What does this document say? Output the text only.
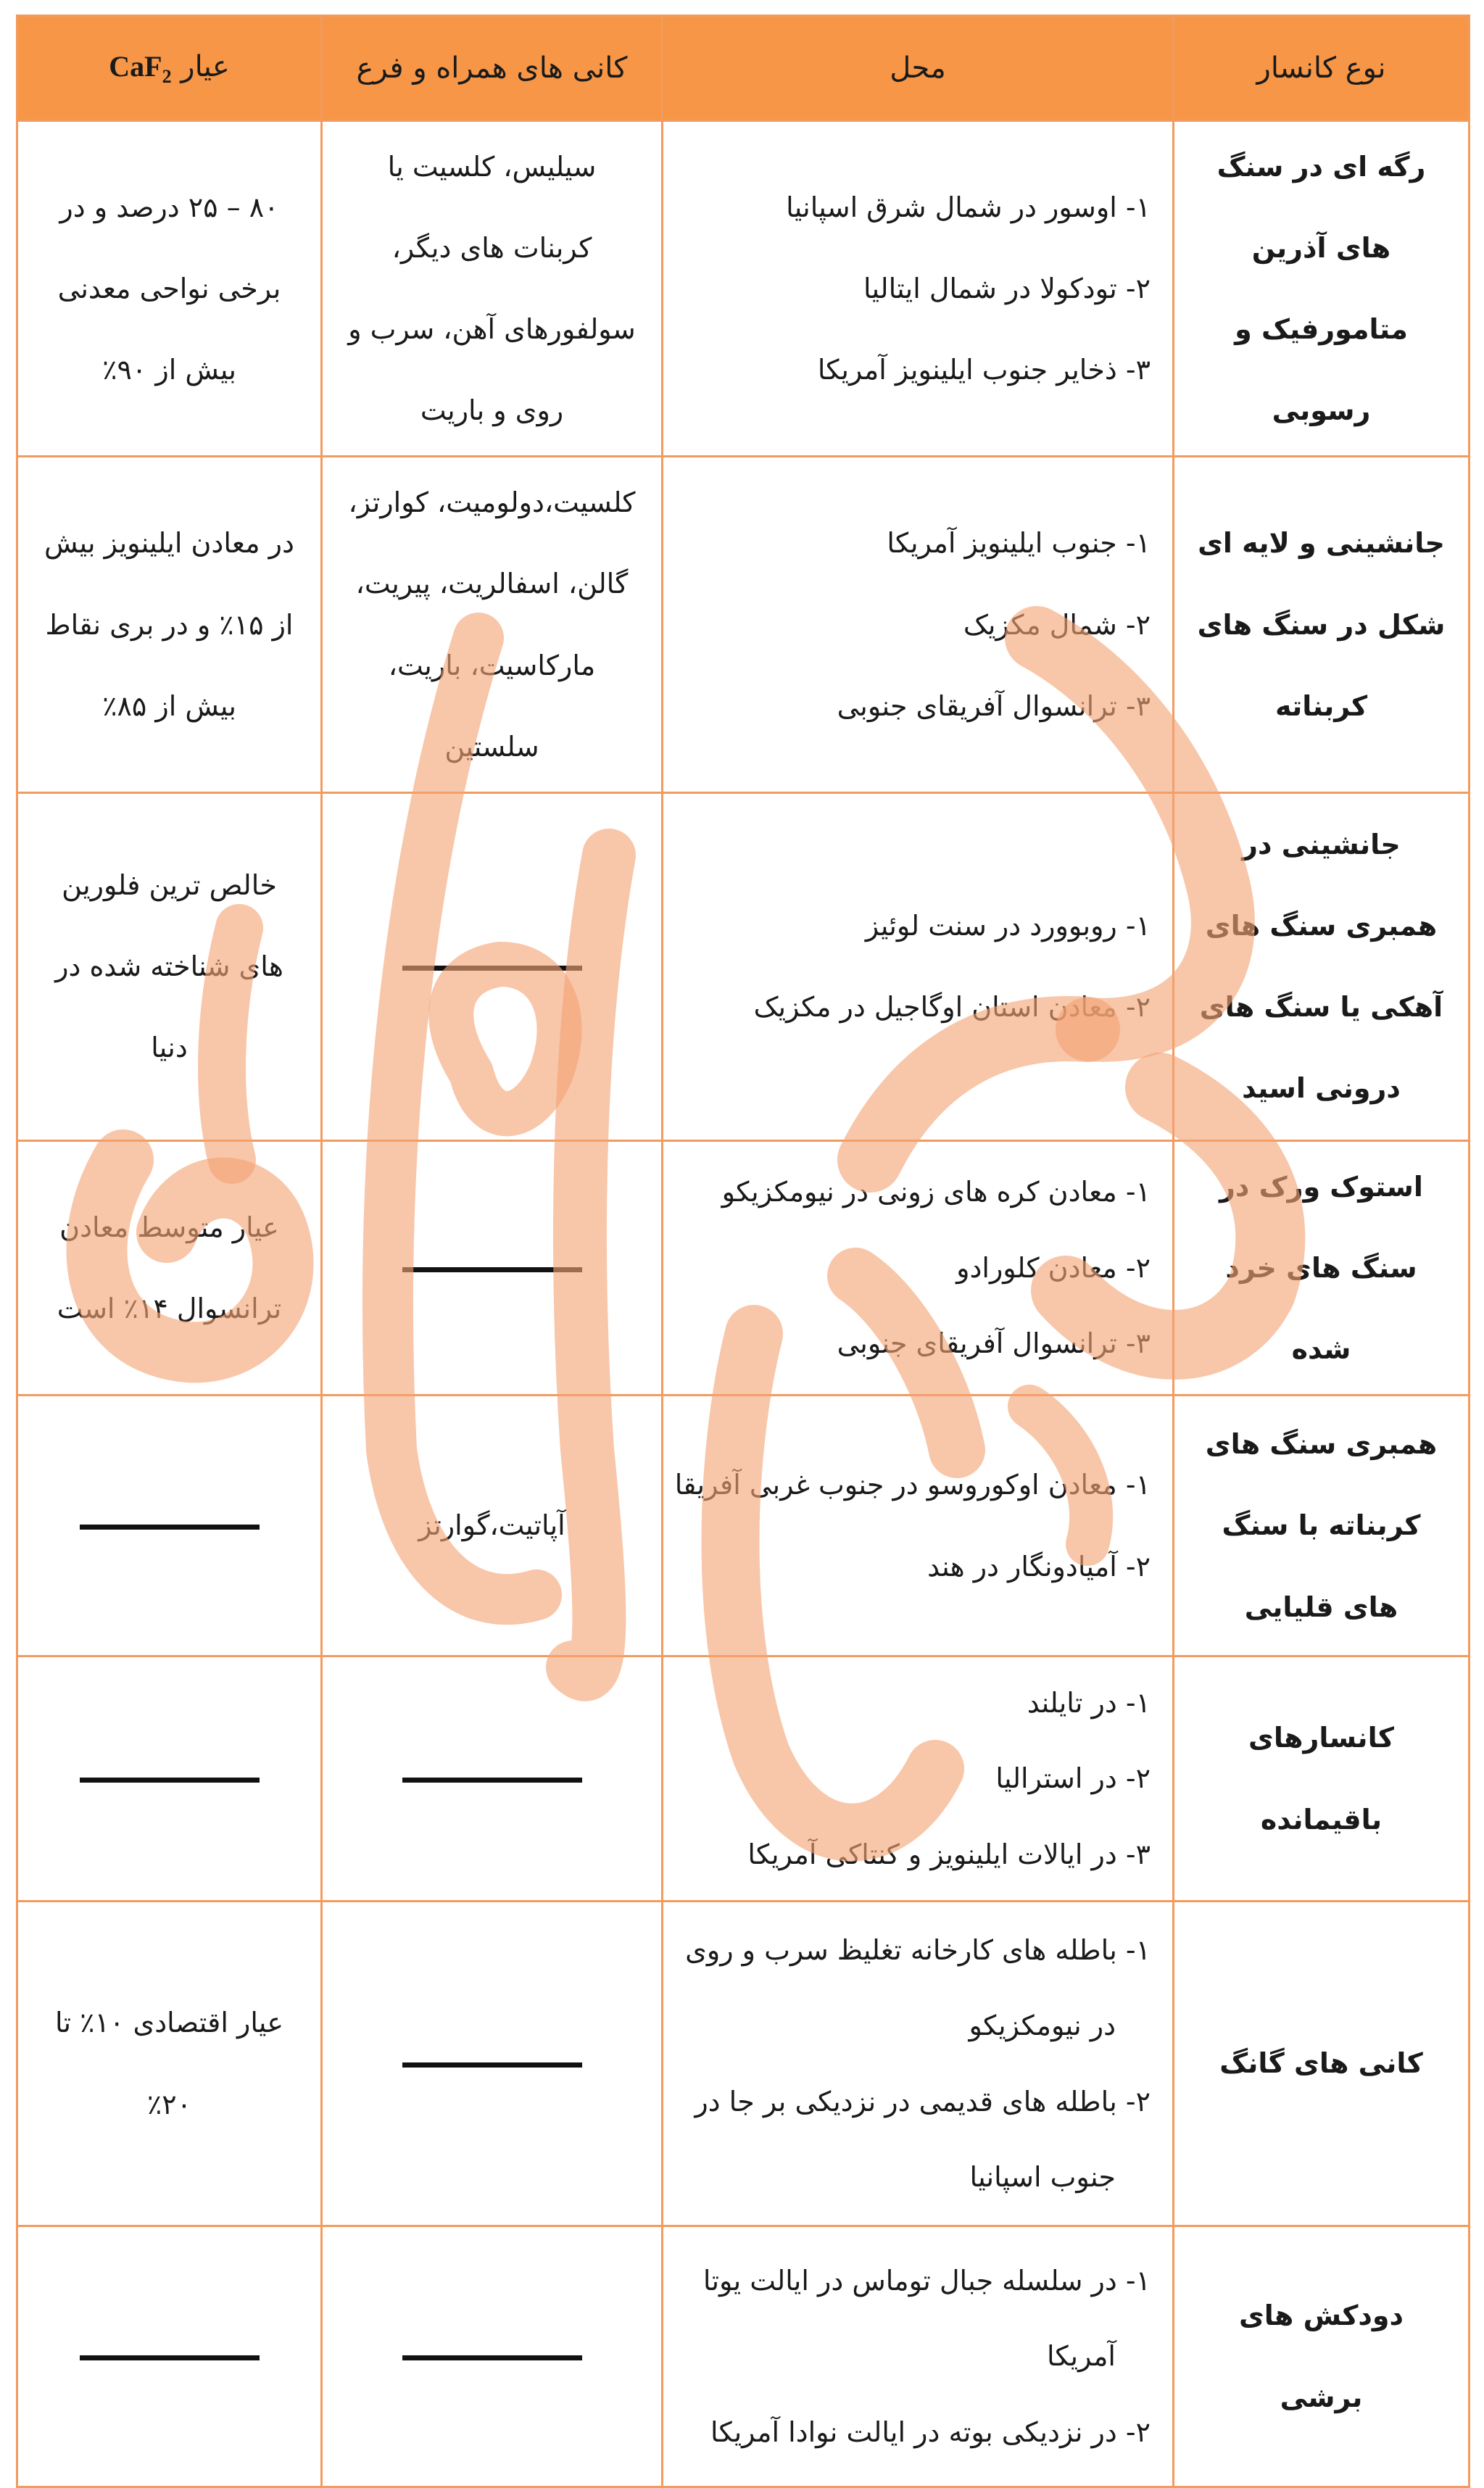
نوع کانسار	محل	کانی های همراه و فرع	عیار CaF$_2$
رگه ای در سنگ های آذرین متامورفیک و رسوبی	۱- اوسور در شمال شرق اسپانیا
۲- تودکولا در شمال ایتالیا
۳- ذخایر جنوب ایلینویز آمریکا	سیلیس، کلسیت یا کربنات های دیگر، سولفورهای آهن، سرب و روی و باریت	۸۰ – ۲۵ درصد و در برخی نواحی معدنی بیش از ۹۰٪
جانشینی و لایه ای شکل در سنگ های کربناته	۱- جنوب ایلینویز آمریکا
۲- شمال مکزیک
۳- ترانسوال آفریقای جنوبی	کلسیت،دولومیت، کوارتز، گالن، اسفالریت، پیریت، مارکاسیت، باریت، سلستین	در معادن ایلینویز بیش از ۱۵٪ و در بری نقاط بیش از ۸۵٪
جانشینی در همبری سنگ های آهکی یا سنگ های درونی اسید	۱- روبوورد در سنت لوئیز
۲- معادن استان اوگاجیل در مکزیک		خالص ترین فلورین های شناخته شده در دنیا
استوک ورک در سنگ های خرد شده	۱- معادن کره های زونی در نیومکزیکو
۲- معادن کلورادو
۳- ترانسوال آفریقای جنوبی		عیار متوسط معادن ترانسوال ۱۴٪ است
همبری سنگ های کربناته با سنگ های قلیایی	۱- معادن اوکوروسو در جنوب غربی آفریقا
۲- آمیادونگار در هند	آپاتیت،گوارتز	
کانسارهای باقیمانده	۱- در تایلند
۲- در استرالیا
۳- در ایالات ایلینویز و کنتاکی آمریکا		

کانی های گانگ	۱- باطله های کارخانه تغلیظ سرب و روی
در نیومکزیکو
۲- باطله های قدیمی در نزدیکی بر جا در
جنوب اسپانیا		عیار اقتصادی ۱۰٪ تا ۲۰٪
دودکش های برشی	۱- در سلسله جبال توماس در ایالت یوتا
آمریکا
۲- در نزدیکی بوته در ایالت نوادا آمریکا		
